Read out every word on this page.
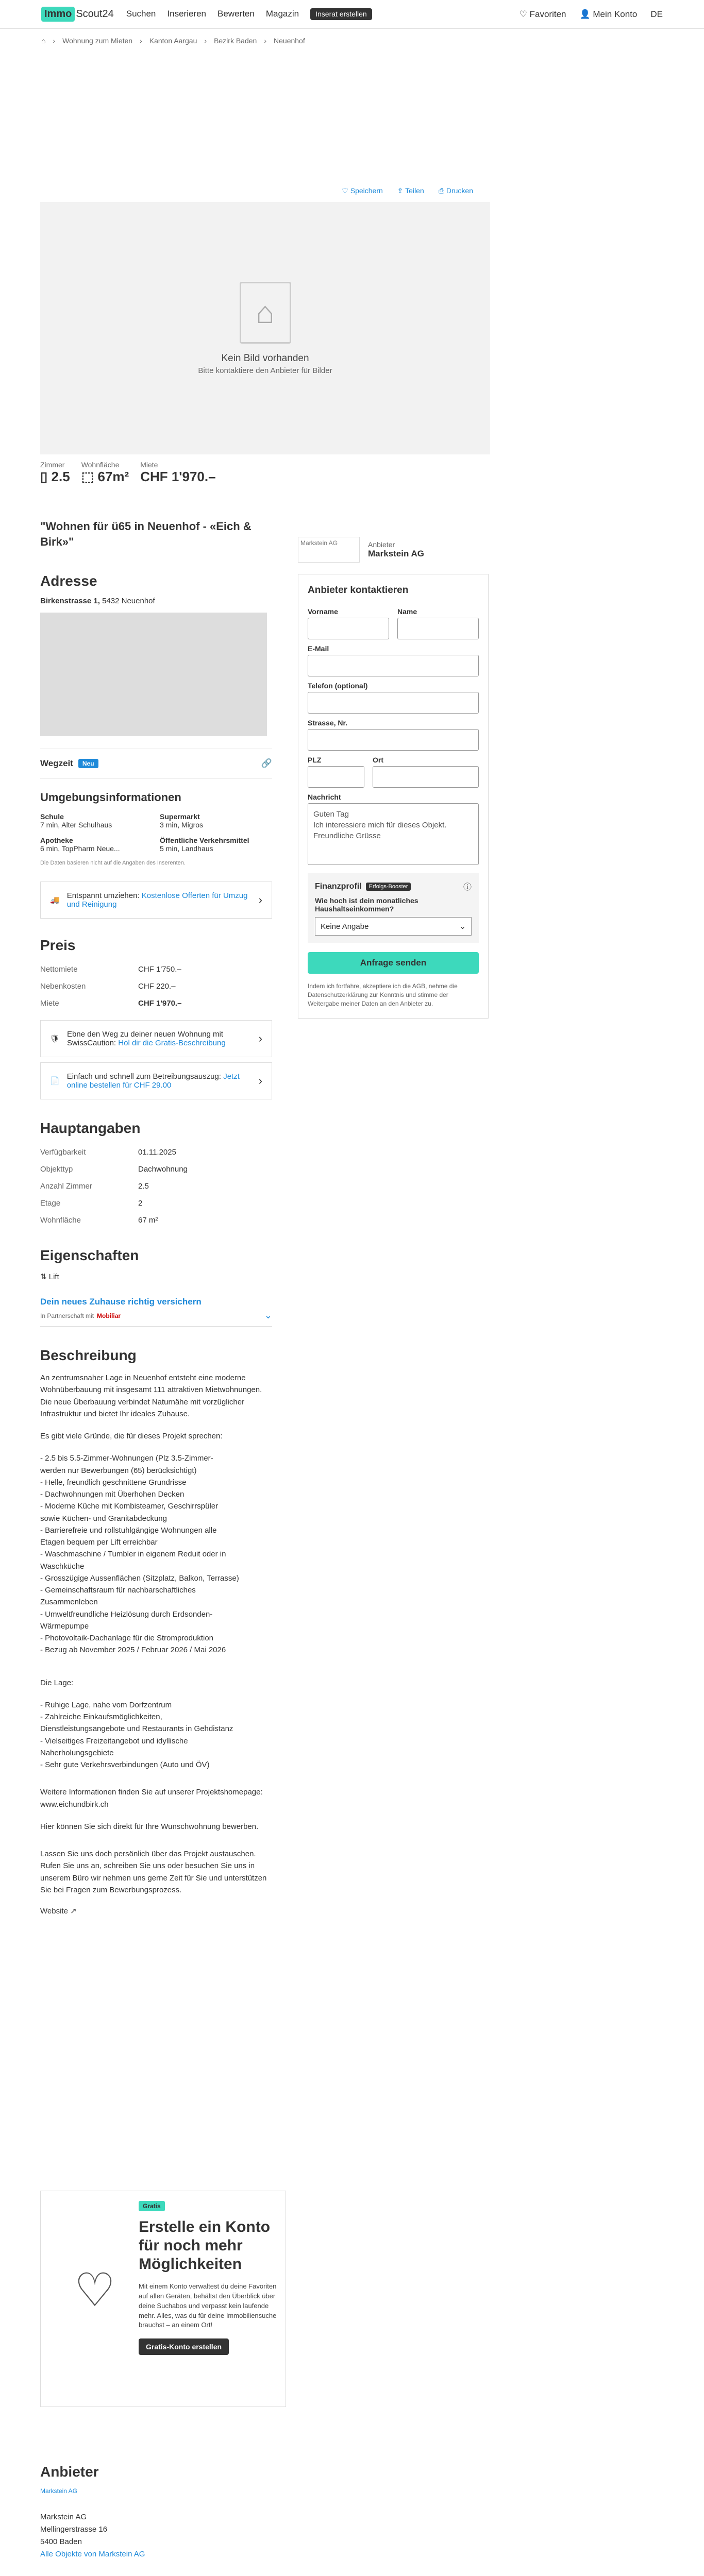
Immo Scout24 Suchen Inserieren Bewerten Magazin	Inserat erstellen	♡ Favoriten 👤 Mein Konto DE
⌂ › Wohnung zum Mieten › Kanton Aargau › Bezirk Baden › Neuenhof
♡ Speichern ⇪ Teilen ⎙ Drucken
⌂
Kein Bild vorhanden
Bitte kontaktiere den Anbieter für Bilder
Zimmer
▯ 2.5
Wohnfläche
⬚ 67m²
Miete
CHF 1'970.–
"Wohnen für ü65 in Neuenhof - «Eich & Birk»"
Adresse
Birkenstrasse 1, 5432 Neuenhof
Wegzeit	Neu	🔗
Umgebungsinformationen
Schule
7 min, Alter Schulhaus
Supermarkt
3 min, Migros
Apotheke
6 min, TopPharm Neue...
Öffentliche Verkehrsmittel
5 min, Landhaus
Die Daten basieren nicht auf die Angaben des Inserenten.
🚚
Entspannt umziehen: Kostenlose Offerten für Umzug und Reinigung	›
Preis
Nettomiete	CHF 1'750.–
Nebenkosten	CHF 220.–
Miete	CHF 1'970.–
🛡
Ebne den Weg zu deiner neuen Wohnung mit SwissCaution: Hol dir die Gratis-Beschreibung	›
📄
Einfach und schnell zum Betreibungsauszug: Jetzt online bestellen für CHF 29.00	›
Hauptangaben
Verfügbarkeit	01.11.2025
Objekttyp	Dachwohnung
Anzahl Zimmer	2.5
Etage	2
Wohnfläche	67 m²
Eigenschaften
⇅ Lift
Dein neues Zuhause richtig versichern
In Partnerschaft mit Mobiliar	⌄
Beschreibung

An zentrumsnaher Lage in Neuenhof entsteht eine moderne Wohnüberbauung mit insgesamt 111 attraktiven Mietwohnungen. Die neue Überbauung verbindet Naturnähe mit vorzüglicher Infrastruktur und bietet Ihr ideales Zuhause.

Es gibt viele Gründe, die für dieses Projekt sprechen:

- 2.5 bis 5.5-Zimmer-Wohnungen (Plz 3.5-Zimmer-
werden nur Bewerbungen (65) berücksichtigt)
- Helle, freundlich geschnittene Grundrisse
- Dachwohnungen mit Überhohen Decken
- Moderne Küche mit Kombisteamer, Geschirrspüler
sowie Küchen- und Granitabdeckung
- Barrierefreie und rollstuhlgängige Wohnungen alle
Etagen bequem per Lift erreichbar
- Waschmaschine / Tumbler in eigenem Reduit oder in
Waschküche
- Grosszügige Aussenflächen (Sitzplatz, Balkon, Terrasse)
- Gemeinschaftsraum für nachbarschaftliches
Zusammenleben
- Umweltfreundliche Heizlösung durch Erdsonden-
Wärmepumpe
- Photovoltaik-Dachanlage für die Stromproduktion
- Bezug ab November 2025 / Februar 2026 / Mai 2026

Die Lage:

- Ruhige Lage, nahe vom Dorfzentrum
- Zahlreiche Einkaufsmöglichkeiten,
Dienstleistungsangebote und Restaurants in Gehdistanz
- Vielseitiges Freizeitangebot und idyllische
Naherholungsgebiete
- Sehr gute Verkehrsverbindungen (Auto und ÖV)

Weitere Informationen finden Sie auf unserer Projektshomepage: www.eichundbirk.ch

Hier können Sie sich direkt für Ihre Wunschwohnung bewerben.

Lassen Sie uns doch persönlich über das Projekt austauschen. Rufen Sie uns an, schreiben Sie uns oder besuchen Sie uns in unserem Büro wir nehmen uns gerne Zeit für Sie und unterstützen Sie bei Fragen zum Bewerbungsprozess.

Website ↗
Markstein AG	Anbieter
Markstein AG
Anbieter kontaktieren
Vorname	Name
E-Mail
Telefon (optional)
Strasse, Nr.
PLZ	Ort
Nachricht
Guten Tag
Ich interessiere mich für dieses Objekt.
Freundliche Grüsse
Finanzprofil	Erfolgs-Booster	ⓘ
Wie hoch ist dein monatliches Haushaltseinkommen?
Keine Angabe	⌄
Anfrage senden
Indem ich fortfahre, akzeptiere ich die AGB, nehme die Datenschutzerklärung zur Kenntnis und stimme der Weitergabe meiner Daten an den Anbieter zu.
♡
Gratis
Erstelle ein Konto für noch mehr Möglichkeiten
Mit einem Konto verwaltest du deine Favoriten auf allen Geräten, behältst den Überblick über deine Suchabos und verpasst kein laufende mehr. Alles, was du für deine Immobiliensuche brauchst – an einem Ort!
Gratis-Konto erstellen
Anbieter
Markstein AG
Markstein AG
Mellingerstrasse 16
5400 Baden
Alle Objekte von Markstein AG
